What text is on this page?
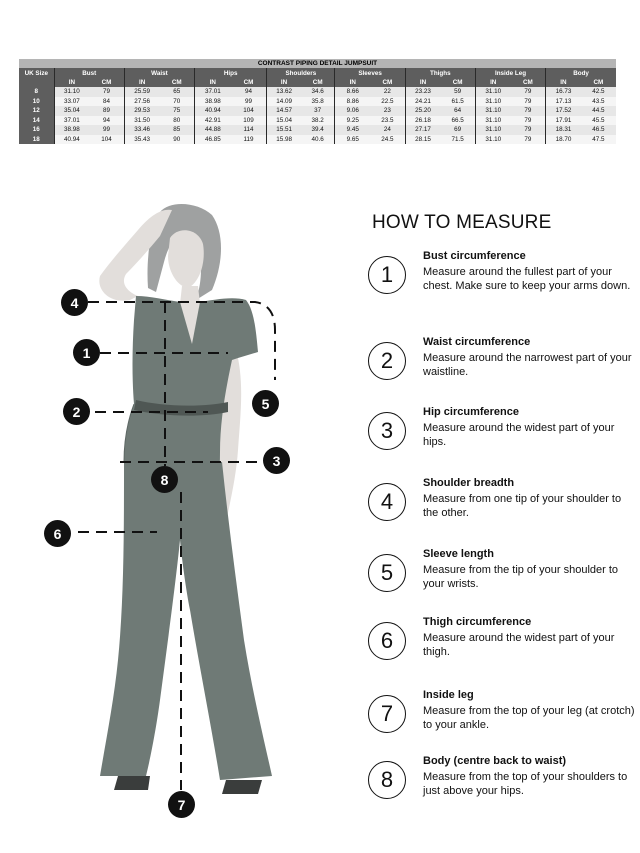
CONTRAST PIPING DETAIL JUMPSUIT																
UK Size	Bust		Waist		Hips		Shoulders		Sleeves		Thighs		Inside Leg		Body	
	IN	CM	IN	CM	IN	CM	IN	CM	IN	CM	IN	CM	IN	CM	IN	CM
8	31.10	79	25.59	65	37.01	94	13.62	34.6	8.66	22	23.23	59	31.10	79	16.73	42.5
10	33.07	84	27.56	70	38.98	99	14.09	35.8	8.86	22.5	24.21	61.5	31.10	79	17.13	43.5
12	35.04	89	29.53	75	40.94	104	14.57	37	9.06	23	25.20	64	31.10	79	17.52	44.5
14	37.01	94	31.50	80	42.91	109	15.04	38.2	9.25	23.5	26.18	66.5	31.10	79	17.91	45.5
16	38.98	99	33.46	85	44.88	114	15.51	39.4	9.45	24	27.17	69	31.10	79	18.31	46.5
18	40.94	104	35.43	90	46.85	119	15.98	40.6	9.65	24.5	28.15	71.5	31.10	79	18.70	47.5
4
1
5
2
3
8
6
7
HOW TO MEASURE
1
Bust circumference
Measure around the fullest part of your chest. Make sure to keep your arms down.
2
Waist circumference
Measure around the narrowest part of your waistline.
3
Hip circumference
Measure around the widest part of your hips.
4
Shoulder breadth
Measure from one tip of your shoulder to the other.
5
Sleeve length
Measure from the tip of your shoulder to your wrists.
6
Thigh circumference
Measure around the widest part of your thigh.
7
Inside leg
Measure from the top of your leg (at crotch) to your ankle.
8
Body (centre back to waist)
Measure from the top of your shoulders to just above your hips.
